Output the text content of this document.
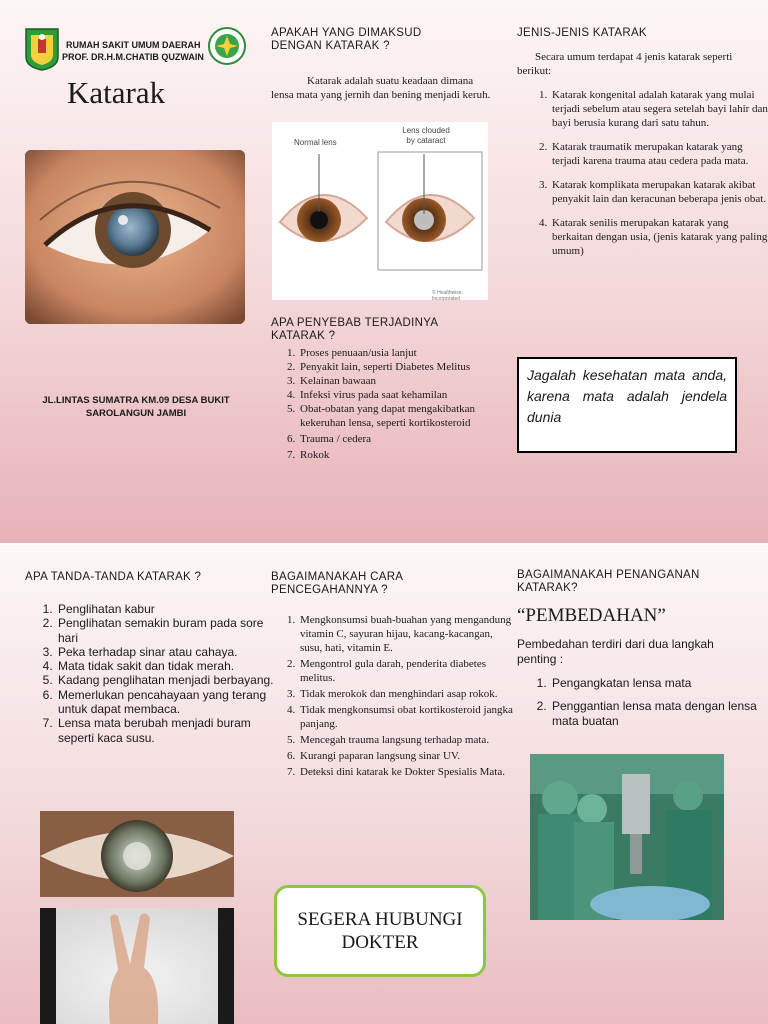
RUMAH SAKIT UMUM DAERAH
PROF. DR.H.M.CHATIB QUZWAIN
Katarak
JL.LINTAS SUMATRA KM.09 DESA BUKIT SAROLANGUN JAMBI
APAKAH YANG DIMAKSUD DENGAN KATARAK ?
Katarak adalah suatu keadaan dimana lensa mata yang jernih dan bening menjadi keruh.
Normal lens
Lens clouded by cataract
© Healthwise, Incorporated
APA PENYEBAB TERJADINYA KATARAK ?
1. Proses penuaan/usia lanjut
2. Penyakit lain, seperti Diabetes Melitus
3. Kelainan bawaan
4. Infeksi virus pada saat kehamilan
5. Obat-obatan yang dapat mengakibatkan kekeruhan lensa, seperti kortikosteroid
6. Trauma / cedera
7. Rokok
JENIS-JENIS KATARAK
Secara umum terdapat 4 jenis katarak seperti berikut:
1. Katarak kongenital adalah katarak yang mulai terjadi sebelum atau segera setelah bayi lahir dan bayi berusia kurang dari satu tahun.
2. Katarak traumatik merupakan katarak yang terjadi karena trauma atau cedera pada mata.
3. Katarak komplikata merupakan katarak akibat penyakit lain dan keracunan beberapa jenis obat.
4. Katarak senilis merupakan katarak yang berkaitan dengan usia, (jenis katarak yang paling umum)
Jagalah kesehatan mata anda, karena mata adalah jendela dunia
APA TANDA-TANDA KATARAK ?
1. Penglihatan kabur
2. Penglihatan semakin buram pada sore hari
3. Peka terhadap sinar atau cahaya.
4. Mata tidak sakit dan tidak merah.
5. Kadang penglihatan menjadi berbayang.
6. Memerlukan pencahayaan yang terang untuk dapat membaca.
7. Lensa mata berubah menjadi buram seperti kaca susu.
BAGAIMANAKAH CARA PENCEGAHANNYA ?
1. Mengkonsumsi buah-buahan yang mengandung vitamin C, sayuran hijau, kacang-kacangan, susu, hati, vitamin E.
2. Mengontrol gula darah, penderita diabetes melitus.
3. Tidak merokok dan menghindari asap rokok.
4. Tidak mengkonsumsi obat kortikosteroid jangka panjang.
5. Mencegah trauma langsung terhadap mata.
6. Kurangi paparan langsung sinar UV.
7. Deteksi dini katarak ke Dokter Spesialis Mata.
SEGERA HUBUNGI DOKTER
BAGAIMANAKAH PENANGANAN KATARAK?
“PEMBEDAHAN”
Pembedahan terdiri dari dua langkah penting :
1. Pengangkatan lensa mata
2. Penggantian lensa mata dengan lensa mata buatan
